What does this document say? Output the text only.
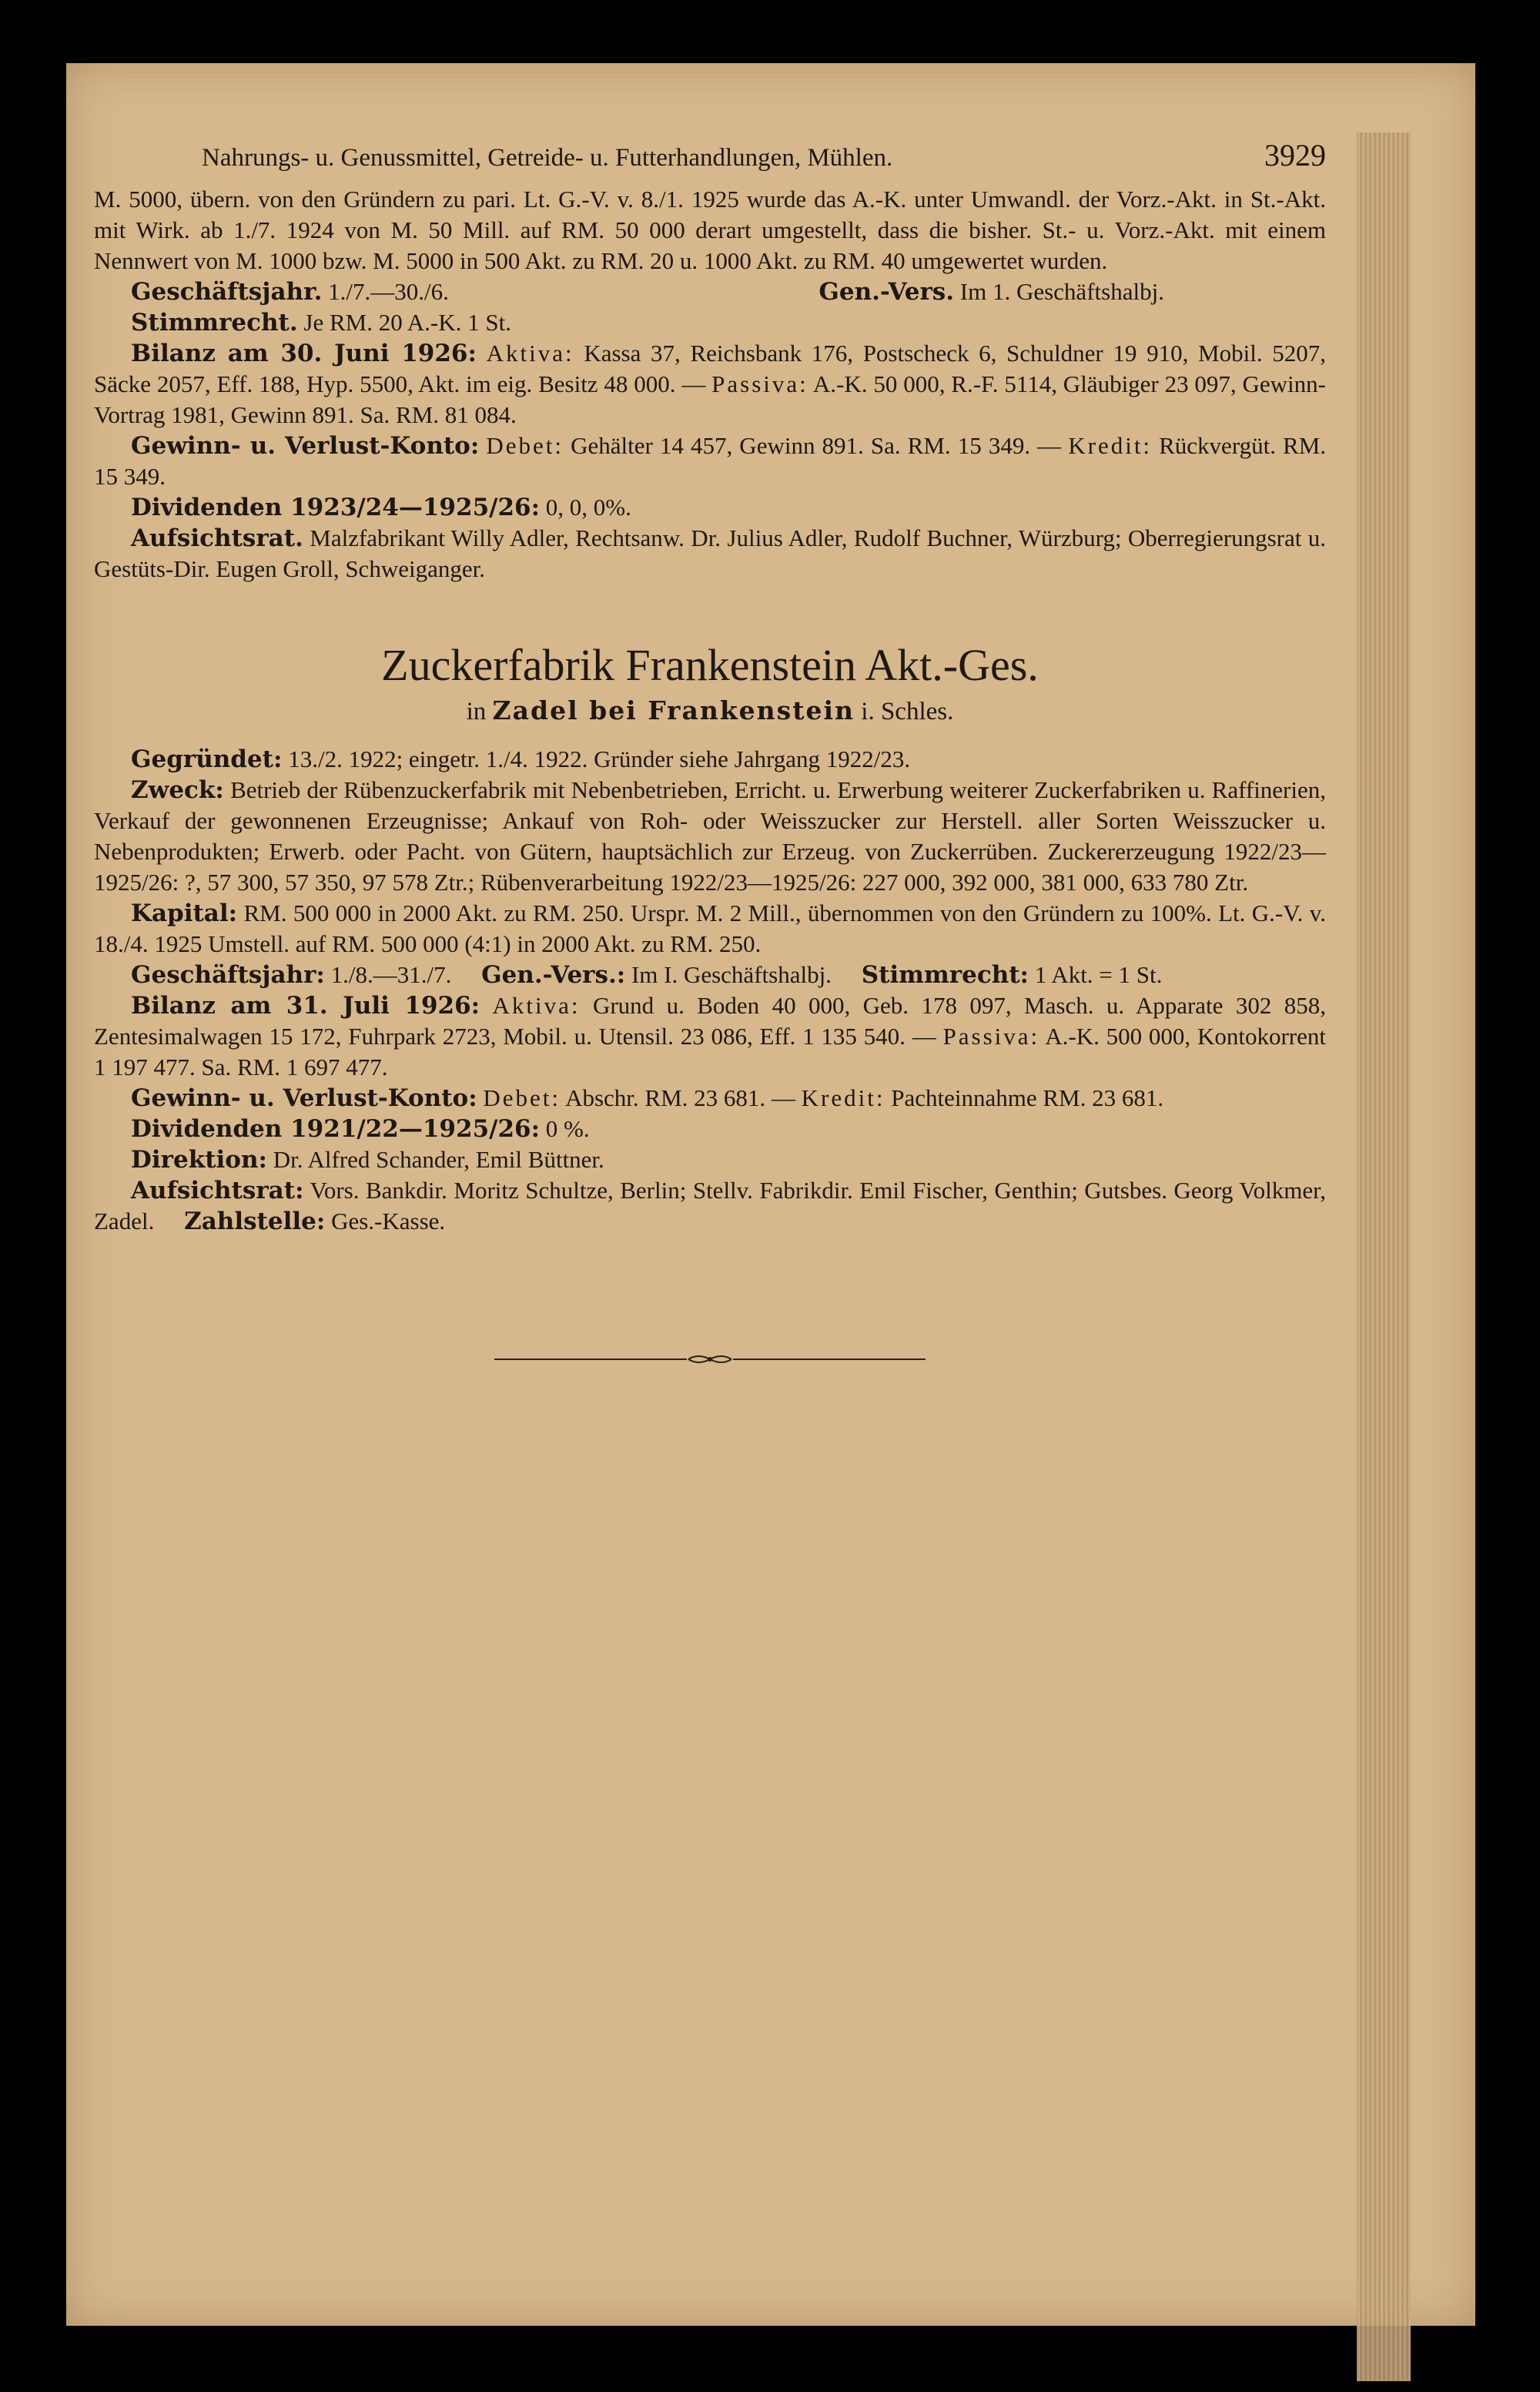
Nahrungs- u. Genussmittel, Getreide- u. Futterhandlungen, Mühlen.	3929

M. 5000, übern. von den Gründern zu pari. Lt. G.-V. v. 8./1. 1925 wurde das A.-K. unter Umwandl. der Vorz.-Akt. in St.-Akt. mit Wirk. ab 1./7. 1924 von M. 50 Mill. auf RM. 50 000 derart umgestellt, dass die bisher. St.- u. Vorz.-Akt. mit einem Nennwert von M. 1000 bzw. M. 5000 in 500 Akt. zu RM. 20 u. 1000 Akt. zu RM. 40 umgewertet wurden.

Geschäftsjahr. 1./7.—30./6.	Gen.-Vers. Im 1. Geschäftshalbj.

Stimmrecht. Je RM. 20 A.-K. 1 St.

Bilanz am 30. Juni 1926: Aktiva: Kassa 37, Reichsbank 176, Postscheck 6, Schuldner 19 910, Mobil. 5207, Säcke 2057, Eff. 188, Hyp. 5500, Akt. im eig. Besitz 48 000. — Passiva: A.-K. 50 000, R.-F. 5114, Gläubiger 23 097, Gewinn-Vortrag 1981, Gewinn 891. Sa. RM. 81 084.

Gewinn- u. Verlust-Konto: Debet: Gehälter 14 457, Gewinn 891. Sa. RM. 15 349. — Kredit: Rückvergüt. RM. 15 349.

Dividenden 1923/24—1925/26: 0, 0, 0%.

Aufsichtsrat. Malzfabrikant Willy Adler, Rechtsanw. Dr. Julius Adler, Rudolf Buchner, Würzburg; Oberregierungsrat u. Gestüts-Dir. Eugen Groll, Schweiganger.

Zuckerfabrik Frankenstein Akt.-Ges.
in Zadel bei Frankenstein i. Schles.

Gegründet: 13./2. 1922; eingetr. 1./4. 1922. Gründer siehe Jahrgang 1922/23.

Zweck: Betrieb der Rübenzuckerfabrik mit Nebenbetrieben, Erricht. u. Erwerbung weiterer Zuckerfabriken u. Raffinerien, Verkauf der gewonnenen Erzeugnisse; Ankauf von Roh- oder Weisszucker zur Herstell. aller Sorten Weisszucker u. Nebenprodukten; Erwerb. oder Pacht. von Gütern, hauptsächlich zur Erzeug. von Zuckerrüben. Zuckererzeugung 1922/23—1925/26: ?, 57 300, 57 350, 97 578 Ztr.; Rübenverarbeitung 1922/23—1925/26: 227 000, 392 000, 381 000, 633 780 Ztr.

Kapital: RM. 500 000 in 2000 Akt. zu RM. 250. Urspr. M. 2 Mill., übernommen von den Gründern zu 100%. Lt. G.-V. v. 18./4. 1925 Umstell. auf RM. 500 000 (4:1) in 2000 Akt. zu RM. 250.

Geschäftsjahr: 1./8.—31./7. Gen.-Vers.: Im I. Geschäftshalbj. Stimmrecht: 1 Akt. = 1 St.

Bilanz am 31. Juli 1926: Aktiva: Grund u. Boden 40 000, Geb. 178 097, Masch. u. Apparate 302 858, Zentesimalwagen 15 172, Fuhrpark 2723, Mobil. u. Utensil. 23 086, Eff. 1 135 540. — Passiva: A.-K. 500 000, Kontokorrent 1 197 477. Sa. RM. 1 697 477.

Gewinn- u. Verlust-Konto: Debet: Abschr. RM. 23 681. — Kredit: Pachteinnahme RM. 23 681.

Dividenden 1921/22—1925/26: 0 %.

Direktion: Dr. Alfred Schander, Emil Büttner.

Aufsichtsrat: Vors. Bankdir. Moritz Schultze, Berlin; Stellv. Fabrikdir. Emil Fischer, Genthin; Gutsbes. Georg Volkmer, Zadel. Zahlstelle: Ges.-Kasse.
